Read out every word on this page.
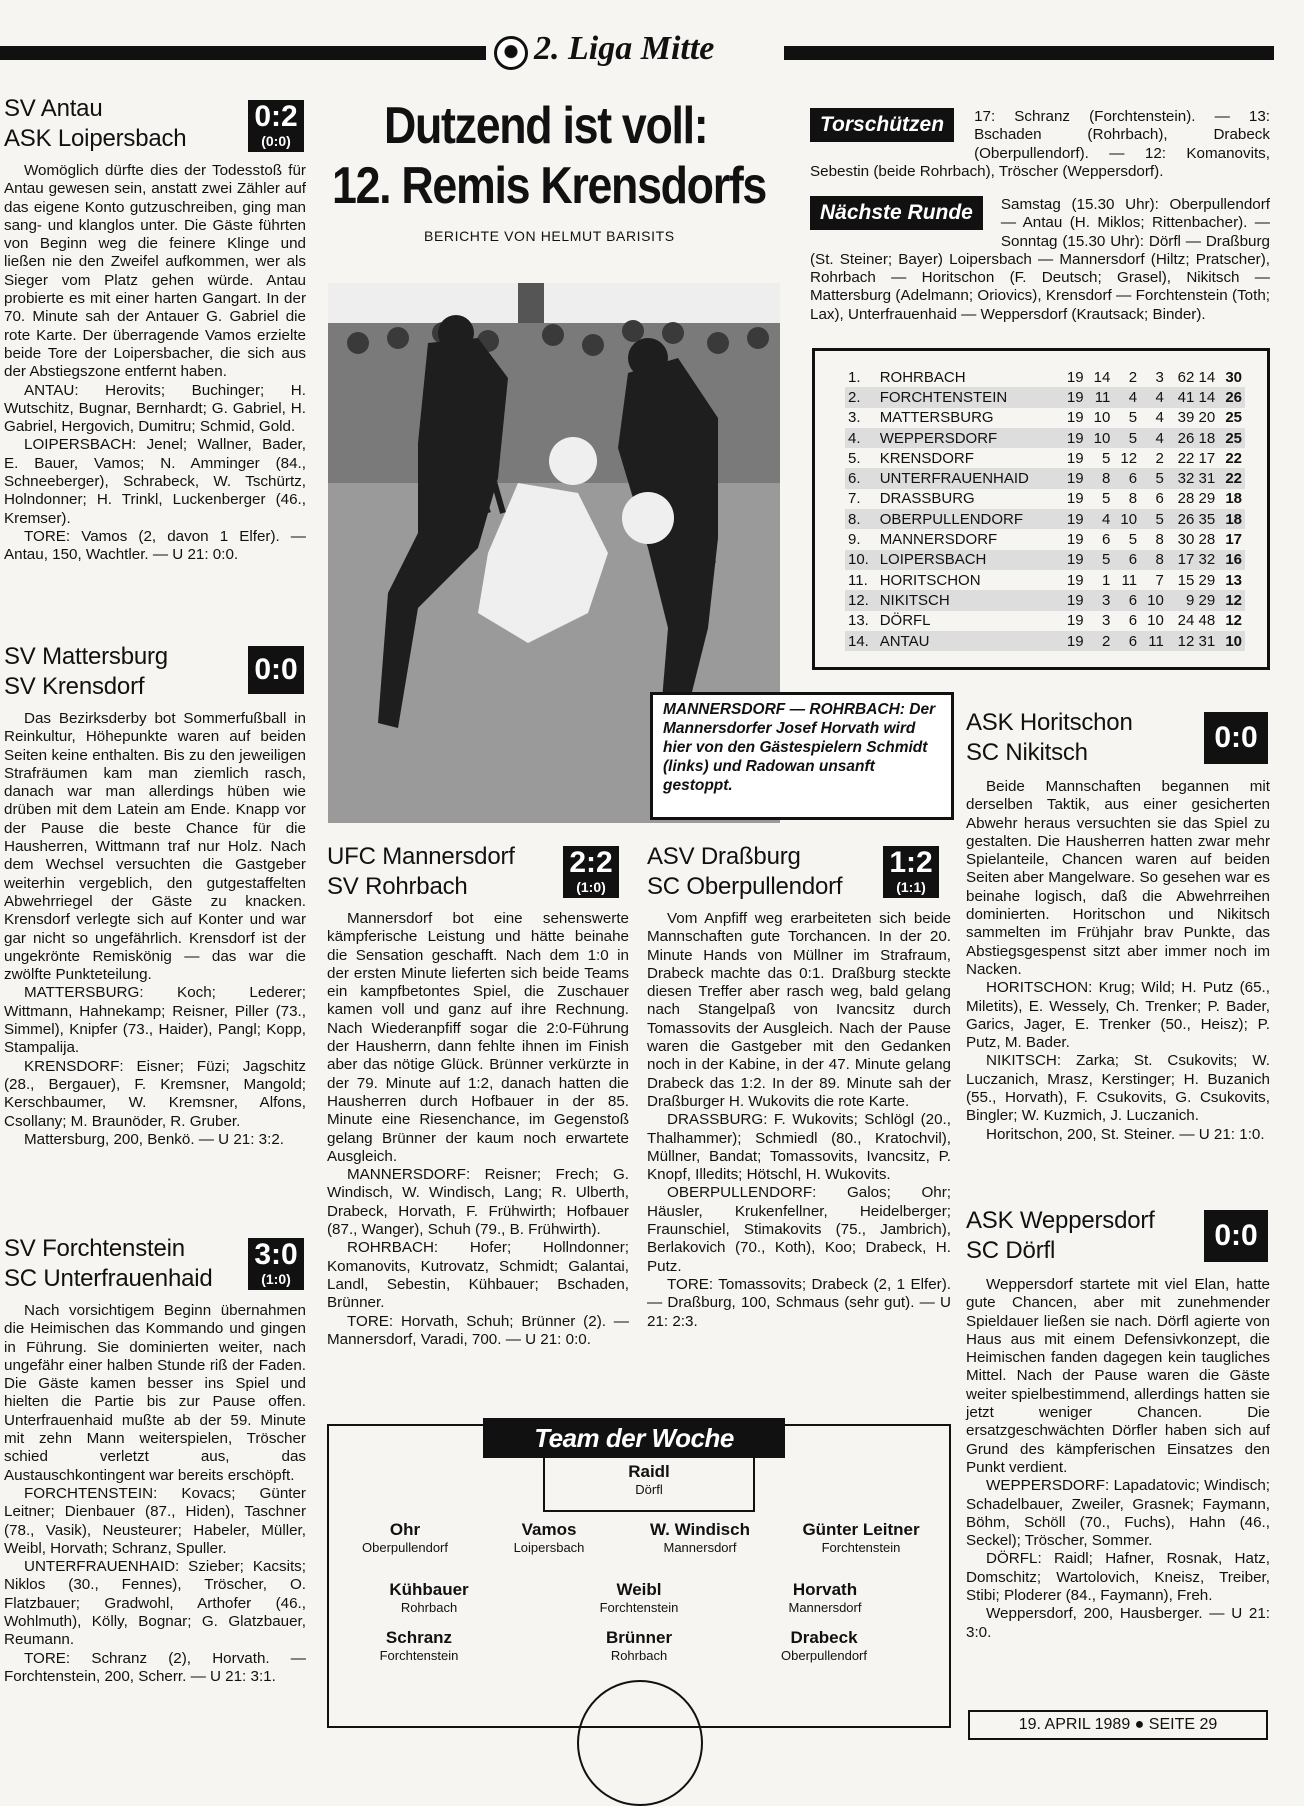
2. Liga Mitte
SV Antau
ASK Loipersbach
0:2
(0:0)

Womöglich dürfte dies der Todesstoß für Antau gewesen sein, anstatt zwei Zähler auf das eigene Konto gutzuschreiben, ging man sang- und klanglos unter. Die Gäste führten von Beginn weg die feinere Klinge und ließen nie den Zweifel aufkommen, wer als Sieger vom Platz gehen würde. Antau probierte es mit einer harten Gangart. In der 70. Minute sah der Antauer G. Gabriel die rote Karte. Der überragende Vamos erzielte beide Tore der Loipersbacher, die sich aus der Abstiegszone entfernt haben.

ANTAU: Herovits; Buchinger; H. Wutschitz, Bugnar, Bernhardt; G. Gabriel, H. Gabriel, Hergovich, Dumitru; Schmid, Gold.

LOIPERSBACH: Jenel; Wallner, Bader, E. Bauer, Vamos; N. Amminger (84., Schneeberger), Schrabeck, W. Tschürtz, Holndonner; H. Trinkl, Luckenberger (46., Kremser).

TORE: Vamos (2, davon 1 Elfer). — Antau, 150, Wachtler. — U 21: 0:0.

SV Mattersburg
SV Krensdorf
0:0

Das Bezirksderby bot Sommerfußball in Reinkultur, Höhepunkte waren auf beiden Seiten keine enthalten. Bis zu den jeweiligen Strafräumen kam man ziemlich rasch, danach war man allerdings hüben wie drüben mit dem Latein am Ende. Knapp vor der Pause die beste Chance für die Hausherren, Wittmann traf nur Holz. Nach dem Wechsel versuchten die Gastgeber weiterhin vergeblich, den gutgestaffelten Abwehrriegel der Gäste zu knacken. Krensdorf verlegte sich auf Konter und war gar nicht so ungefährlich. Krensdorf ist der ungekrönte Remiskönig — das war die zwölfte Punkteteilung.

MATTERSBURG: Koch; Lederer; Wittmann, Hahnekamp; Reisner, Piller (73., Simmel), Knipfer (73., Haider), Pangl; Kopp, Stampalija.

KRENSDORF: Eisner; Füzi; Jagschitz (28., Bergauer), F. Kremsner, Mangold; Kerschbaumer, W. Kremsner, Alfons, Csollany; M. Braunöder, R. Gruber.

Mattersburg, 200, Benkö. — U 21: 3:2.

SV Forchtenstein
SC Unterfrauenhaid
3:0
(1:0)

Nach vorsichtigem Beginn übernahmen die Heimischen das Kommando und gingen in Führung. Sie dominierten weiter, nach ungefähr einer halben Stunde riß der Faden. Die Gäste kamen besser ins Spiel und hielten die Partie bis zur Pause offen. Unterfrauenhaid mußte ab der 59. Minute mit zehn Mann weiterspielen, Tröscher schied verletzt aus, das Austauschkontingent war bereits erschöpft.

FORCHTENSTEIN: Kovacs; Günter Leitner; Dienbauer (87., Hiden), Taschner (78., Vasik), Neusteurer; Habeler, Müller, Weibl, Horvath; Schranz, Spuller.

UNTERFRAUENHAID: Szieber; Kacsits; Niklos (30., Fennes), Tröscher, O. Flatzbauer; Gradwohl, Arthofer (46., Wohlmuth), Kölly, Bognar; G. Glatzbauer, Reumann.

TORE: Schranz (2), Horvath. — Forchtenstein, 200, Scherr. — U 21: 3:1.

Dutzend ist voll:
12. Remis Krensdorfs
BERICHTE VON HELMUT BARISITS
MANNERSDORF — ROHRBACH: Der Mannersdorfer Josef Horvath wird hier von den Gästespielern Schmidt (links) und Radowan unsanft gestoppt.
UFC Mannersdorf
SV Rohrbach
2:2
(1:0)

Mannersdorf bot eine sehenswerte kämpferische Leistung und hätte beinahe die Sensation geschafft. Nach dem 1:0 in der ersten Minute lieferten sich beide Teams ein kampfbetontes Spiel, die Zuschauer kamen voll und ganz auf ihre Rechnung. Nach Wiederanpfiff sogar die 2:0-Führung der Hausherrn, dann fehlte ihnen im Finish aber das nötige Glück. Brünner verkürzte in der 79. Minute auf 1:2, danach hatten die Hausherren durch Hofbauer in der 85. Minute eine Riesenchance, im Gegenstoß gelang Brünner der kaum noch erwartete Ausgleich.

MANNERSDORF: Reisner; Frech; G. Windisch, W. Windisch, Lang; R. Ulberth, Drabeck, Horvath, F. Frühwirth; Hofbauer (87., Wanger), Schuh (79., B. Frühwirth).

ROHRBACH: Hofer; Hollndonner; Komanovits, Kutrovatz, Schmidt; Galantai, Landl, Sebestin, Kühbauer; Bschaden, Brünner.

TORE: Horvath, Schuh; Brünner (2). — Mannersdorf, Varadi, 700. — U 21: 0:0.

ASV Draßburg
SC Oberpullendorf
1:2
(1:1)

Vom Anpfiff weg erarbeiteten sich beide Mannschaften gute Torchancen. In der 20. Minute Hands von Müllner im Strafraum, Drabeck machte das 0:1. Draßburg steckte diesen Treffer aber rasch weg, bald gelang nach Stangelpaß von Ivancsitz durch Tomassovits der Ausgleich. Nach der Pause waren die Gastgeber mit den Gedanken noch in der Kabine, in der 47. Minute gelang Drabeck das 1:2. In der 89. Minute sah der Draßburger H. Wukovits die rote Karte.

DRASSBURG: F. Wukovits; Schlögl (20., Thalhammer); Schmiedl (80., Kratochvil), Müllner, Bandat; Tomassovits, Ivancsitz, P. Knopf, Illedits; Hötschl, H. Wukovits.

OBERPULLENDORF: Galos; Ohr; Häusler, Krukenfellner, Heidelberger; Fraunschiel, Stimakovits (75., Jambrich), Berlakovich (70., Koth), Koo; Drabeck, H. Putz.

TORE: Tomassovits; Drabeck (2, 1 Elfer). — Draßburg, 100, Schmaus (sehr gut). — U 21: 2:3.

Team der Woche
Raidl
Dörfl
Ohr
Oberpullendorf
Vamos
Loipersbach
W. Windisch
Mannersdorf
Günter Leitner
Forchtenstein
Kühbauer
Rohrbach
Weibl
Forchtenstein
Horvath
Mannersdorf
Schranz
Forchtenstein
Brünner
Rohrbach
Drabeck
Oberpullendorf
Torschützen	17: Schranz (Forchtenstein). — 13: Bschaden (Rohrbach), Drabeck (Oberpullendorf). — 12: Komanovits, Sebestin (beide Rohrbach), Tröscher (Weppersdorf).
Nächste Runde	Samstag (15.30 Uhr): Oberpullendorf — Antau (H. Miklos; Rittenbacher). — Sonntag (15.30 Uhr): Dörfl — Draßburg (St. Steiner; Bayer) Loipersbach — Mannersdorf (Hiltz; Pratscher), Rohrbach — Horitschon (F. Deutsch; Grasel), Nikitsch — Mattersburg (Adelmann; Oriovics), Krensdorf — Forchtenstein (Toth; Lax), Unterfrauenhaid — Weppersdorf (Krautsack; Binder).
1.	ROHRBACH	19	14	2	3	62 14	30
2.	FORCHTENSTEIN	19	11	4	4	41 14	26
3.	MATTERSBURG	19	10	5	4	39 20	25
4.	WEPPERSDORF	19	10	5	4	26 18	25
5.	KRENSDORF	19	5	12	2	22 17	22
6.	UNTERFRAUENHAID	19	8	6	5	32 31	22
7.	DRASSBURG	19	5	8	6	28 29	18
8.	OBERPULLENDORF	19	4	10	5	26 35	18
9.	MANNERSDORF	19	6	5	8	30 28	17
10.	LOIPERSBACH	19	5	6	8	17 32	16
11.	HORITSCHON	19	1	11	7	15 29	13
12.	NIKITSCH	19	3	6	10	9 29	12
13.	DÖRFL	19	3	6	10	24 48	12
14.	ANTAU	19	2	6	11	12 31	10
ASK Horitschon
SC Nikitsch	0:0

Beide Mannschaften begannen mit derselben Taktik, aus einer gesicherten Abwehr heraus versuchten sie das Spiel zu gestalten. Die Hausherren hatten zwar mehr Spielanteile, Chancen waren auf beiden Seiten aber Mangelware. So gesehen war es beinahe logisch, daß die Abwehrreihen dominierten. Horitschon und Nikitsch sammelten im Frühjahr brav Punkte, das Abstiegsgespenst sitzt aber immer noch im Nacken.

HORITSCHON: Krug; Wild; H. Putz (65., Miletits), E. Wessely, Ch. Trenker; P. Bader, Garics, Jager, E. Trenker (50., Heisz); P. Putz, M. Bader.

NIKITSCH: Zarka; St. Csukovits; W. Luczanich, Mrasz, Kerstinger; H. Buzanich (55., Horvath), F. Csukovits, G. Csukovits, Bingler; W. Kuzmich, J. Luczanich.

Horitschon, 200, St. Steiner. — U 21: 1:0.

ASK Weppersdorf
SC Dörfl	0:0

Weppersdorf startete mit viel Elan, hatte gute Chancen, aber mit zunehmender Spieldauer ließen sie nach. Dörfl agierte von Haus aus mit einem Defensivkonzept, die Heimischen fanden dagegen kein taugliches Mittel. Nach der Pause waren die Gäste weiter spielbestimmend, allerdings hatten sie jetzt weniger Chancen. Die ersatzgeschwächten Dörfler haben sich auf Grund des kämpferischen Einsatzes den Punkt verdient.

WEPPERSDORF: Lapadatovic; Windisch; Schadelbauer, Zweiler, Grasnek; Faymann, Böhm, Schöll (70., Fuchs), Hahn (46., Seckel); Tröscher, Sommer.

DÖRFL: Raidl; Hafner, Rosnak, Hatz, Domschitz; Wartolovich, Kneisz, Treiber, Stibi; Ploderer (84., Faymann), Freh.

Weppersdorf, 200, Hausberger. — U 21: 3:0.

19. APRIL 1989 ● SEITE 29
